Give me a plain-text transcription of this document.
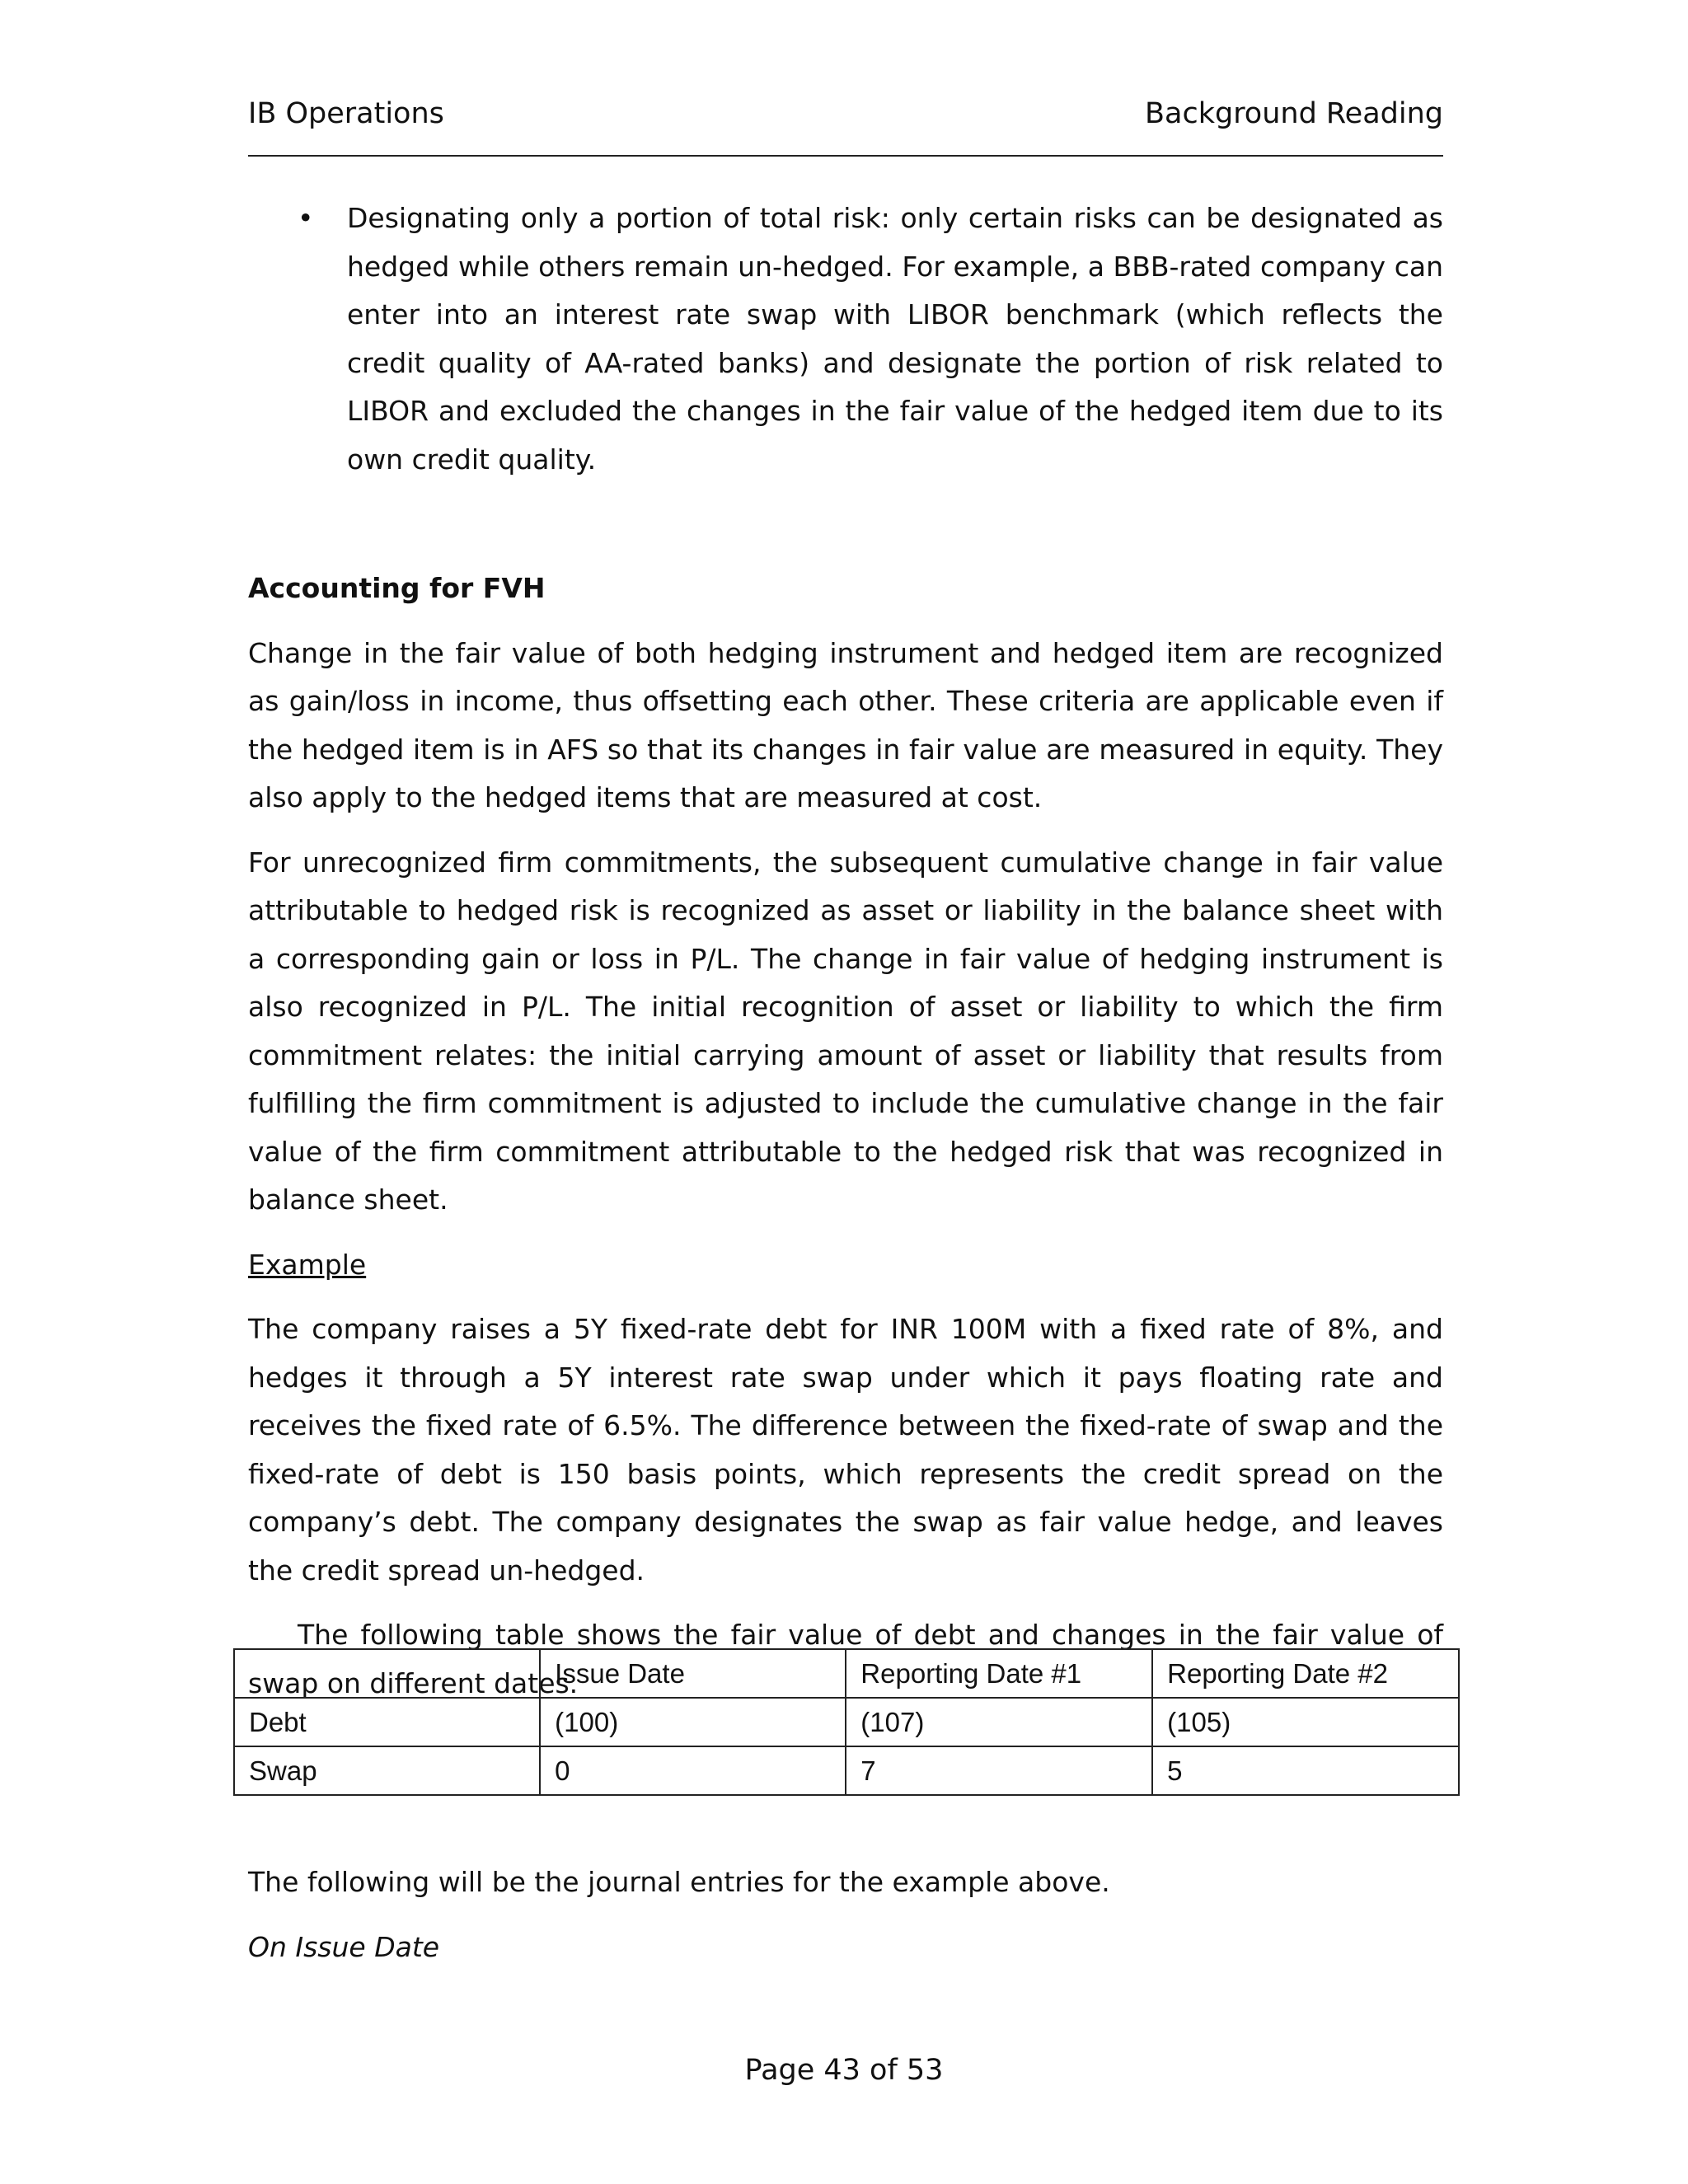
IB Operations	Background Reading
• Designating only a portion of total risk: only certain risks can be designated as hedged while others remain un-hedged. For example, a BBB-rated company can enter into an interest rate swap with LIBOR benchmark (which reflects the credit quality of AA-rated banks) and designate the portion of risk related to LIBOR and excluded the changes in the fair value of the hedged item due to its own credit quality.
Accounting for FVH

Change in the fair value of both hedging instrument and hedged item are recognized as gain/loss in income, thus offsetting each other. These criteria are applicable even if the hedged item is in AFS so that its changes in fair value are measured in equity. They also apply to the hedged items that are measured at cost.

For unrecognized firm commitments, the subsequent cumulative change in fair value attributable to hedged risk is recognized as asset or liability in the balance sheet with a corresponding gain or loss in P/L. The change in fair value of hedging instrument is also recognized in P/L. The initial recognition of asset or liability to which the firm commitment relates: the initial carrying amount of asset or liability that results from fulfilling the firm commitment is adjusted to include the cumulative change in the fair value of the firm commitment attributable to the hedged risk that was recognized in balance sheet.

Example

The company raises a 5Y fixed-rate debt for INR 100M with a fixed rate of 8%, and hedges it through a 5Y interest rate swap under which it pays floating rate and receives the fixed rate of 6.5%. The difference between the fixed-rate of swap and the fixed-rate of debt is 150 basis points, which represents the credit spread on the company’s debt. The company designates the swap as fair value hedge, and leaves the credit spread un-hedged.

The following table shows the fair value of debt and changes in the fair value of swap on different dates.

	Issue Date	Reporting Date #1	Reporting Date #2
Debt	(100)	(107)	(105)
Swap	0	7	5

The following will be the journal entries for the example above.

On Issue Date

Page 43 of 53
